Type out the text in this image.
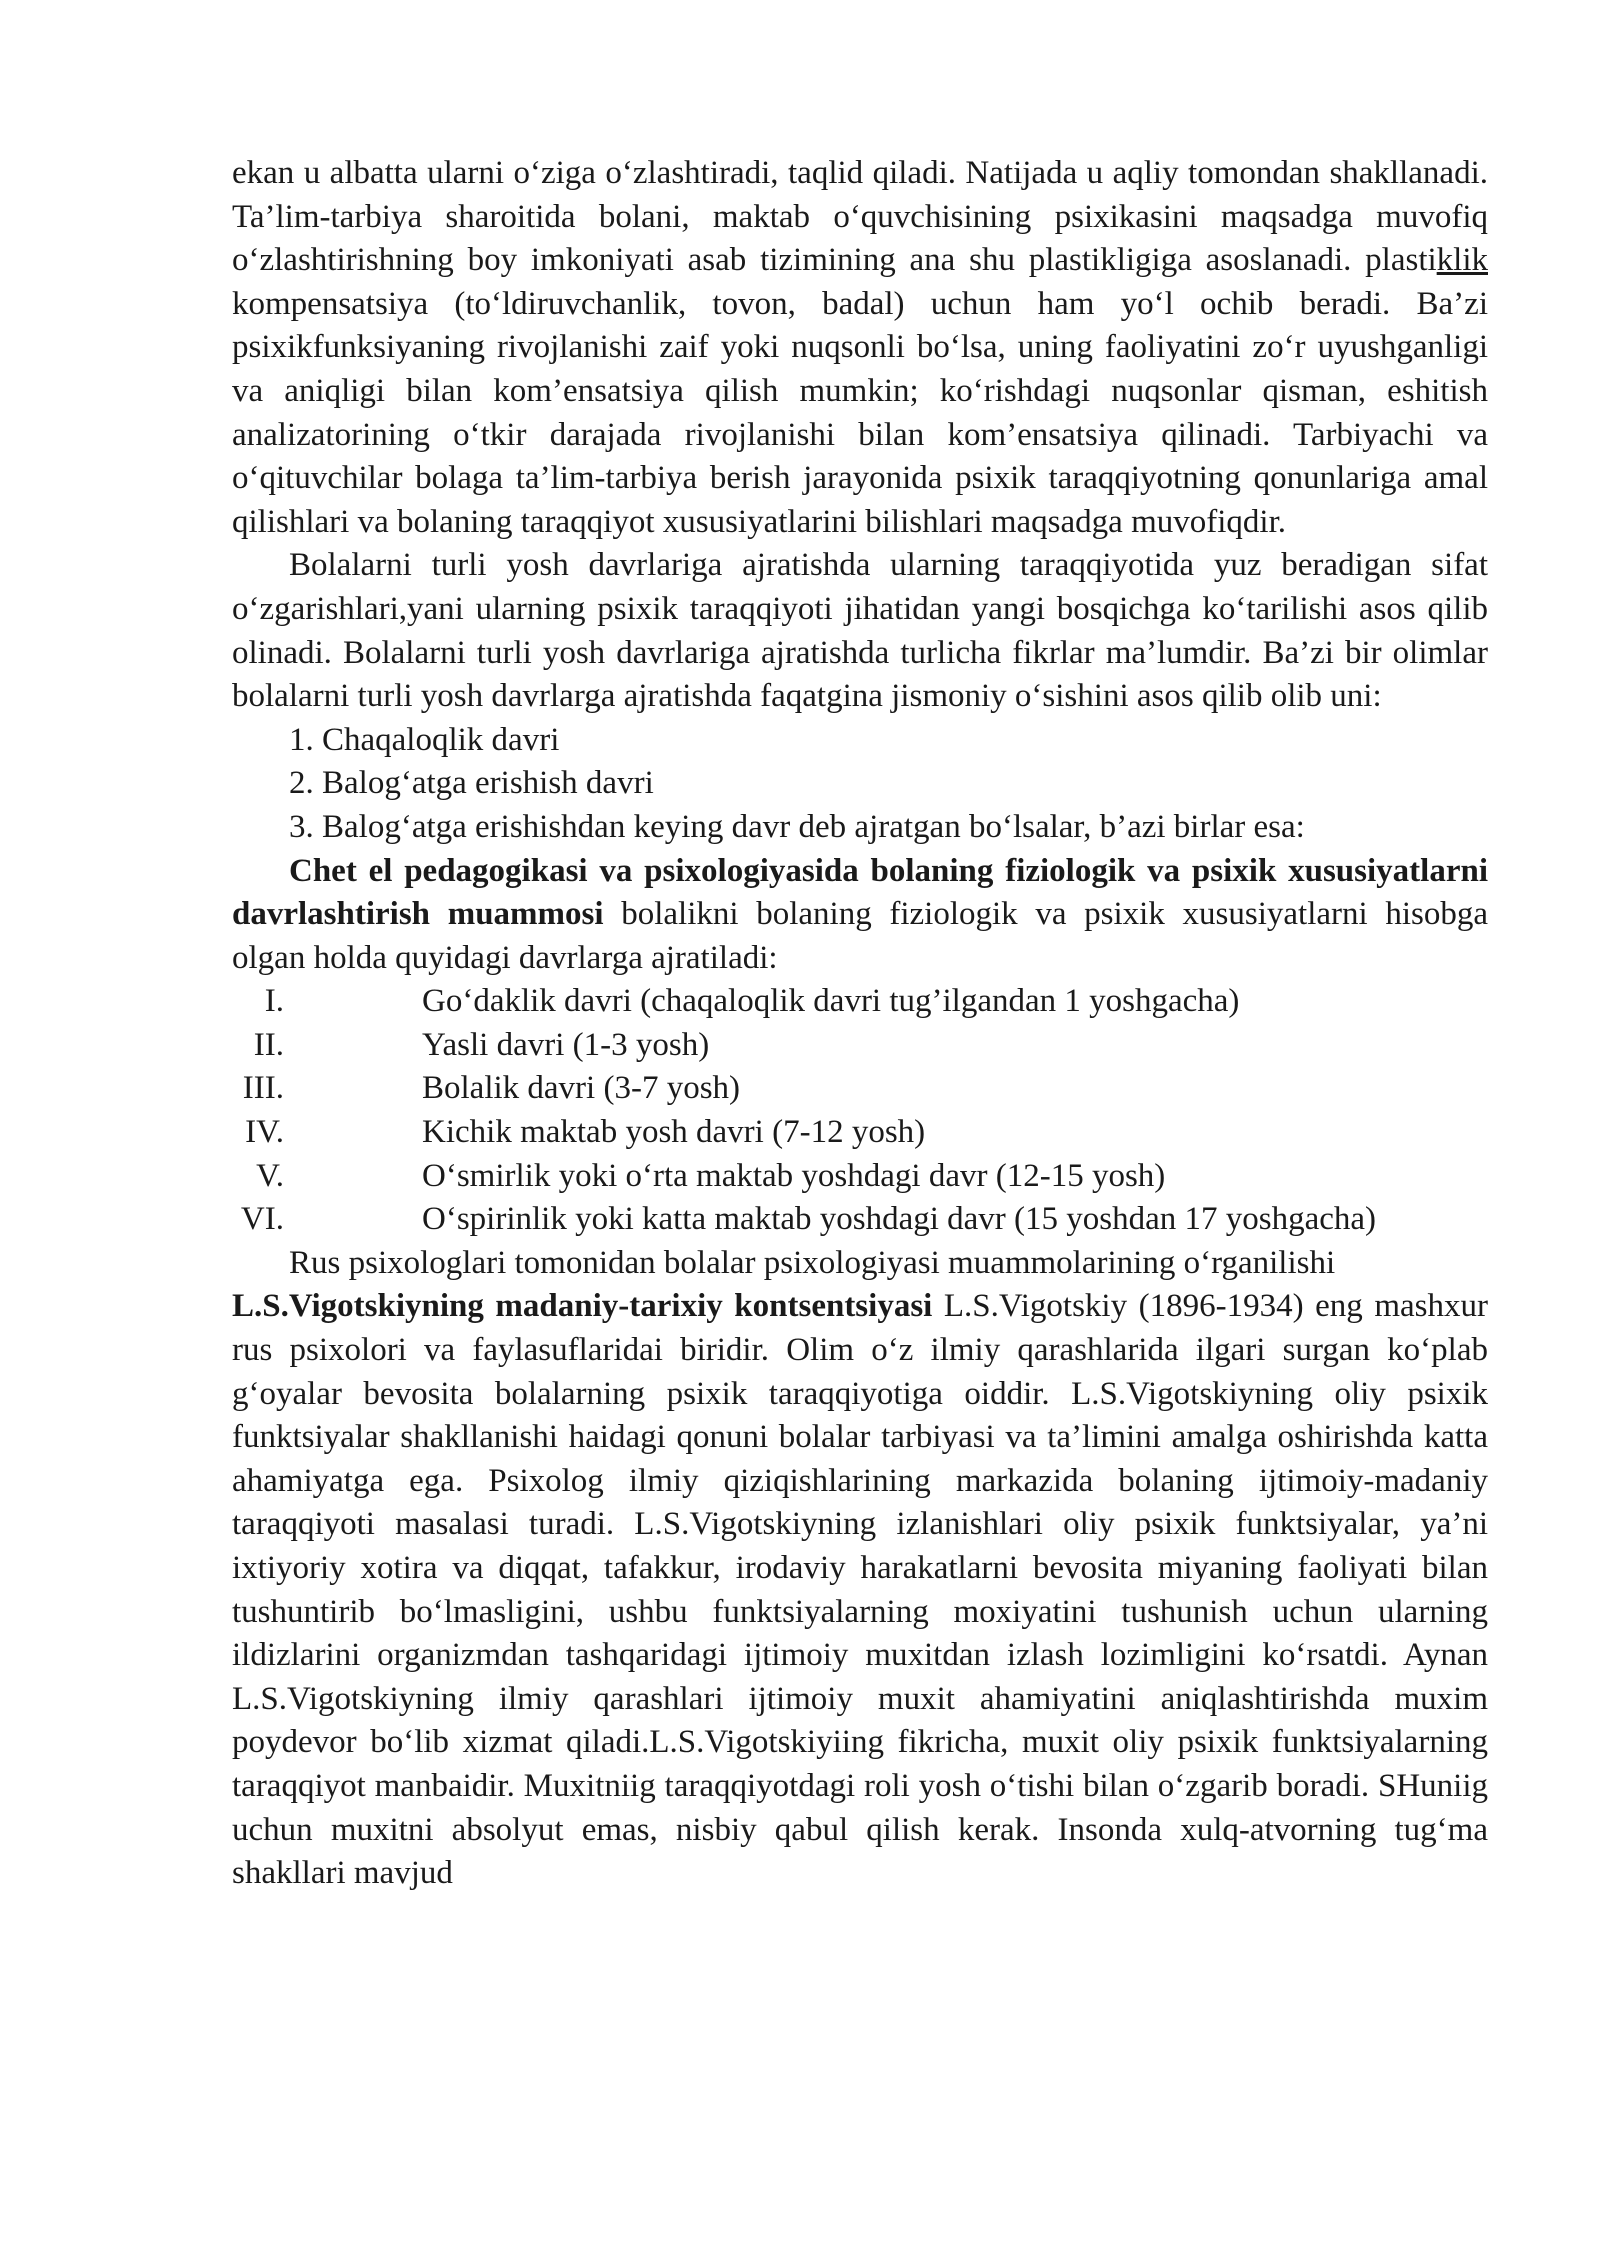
ekan u albatta ularni o‘ziga o‘zlashtiradi, taqlid qiladi. Natijada u aqliy tomondan shakllanadi. Ta’lim-tarbiya sharoitida bolani, maktab o‘quvchisining psixikasini maqsadga muvofiq o‘zlashtirishning boy imkoniyati asab tizimining ana shu plastikligiga asoslanadi. plastiklik kompensatsiya (to‘ldiruvchanlik, tovon, badal) uchun ham yo‘l ochib beradi. Ba’zi psixikfunksiyaning rivojlanishi zaif yoki nuqsonli bo‘lsa, uning faoliyatini zo‘r uyushganligi va aniqligi bilan kom’ensatsiya qilish mumkin; ko‘rishdagi nuqsonlar qisman, eshitish analizatorining o‘tkir darajada rivojlanishi bilan kom’ensatsiya qilinadi. Tarbiyachi va o‘qituvchilar bolaga ta’lim-tarbiya berish jarayonida psixik taraqqiyotning qonunlariga amal qilishlari va bolaning taraqqiyot xususiyatlarini bilishlari maqsadga muvofiqdir.

Bolalarni turli yosh davrlariga ajratishda ularning taraqqiyotida yuz beradigan sifat o‘zgarishlari,yani ularning psixik taraqqiyoti jihatidan yangi bosqichga ko‘tarilishi asos qilib olinadi. Bolalarni turli yosh davrlariga ajratishda turlicha fikrlar ma’lumdir. Ba’zi bir olimlar bolalarni turli yosh davrlarga ajratishda faqatgina jismoniy o‘sishini asos qilib olib uni:

1. Chaqaloqlik davri

2. Balog‘atga erishish davri

3. Balog‘atga erishishdan keying davr deb ajratgan bo‘lsalar, b’azi birlar esa:

Chet el pedagogikasi va psixologiyasida bolaning fiziologik va psixik xususiyatlarni davrlashtirish muammosi bolalikni bolaning fiziologik va psixik xususiyatlarni hisobga olgan holda quyidagi davrlarga ajratiladi:

I.	Go‘daklik davri (chaqaloqlik davri tug’ilgandan 1 yoshgacha)

II.	Yasli davri (1-3 yosh)

III.	Bolalik davri (3-7 yosh)

IV.	Kichik maktab yosh davri (7-12 yosh)

V.	O‘smirlik yoki o‘rta maktab yoshdagi davr (12-15 yosh)

VI.	O‘spirinlik yoki katta maktab yoshdagi davr (15 yoshdan 17 yoshgacha)

Rus psixologlari tomonidan bolalar psixologiyasi muammolarining o‘rganilishi

L.S.Vigotskiyning madaniy-tarixiy kontsentsiyasi L.S.Vigotskiy (1896-1934) eng mashxur rus psixolori va faylasuflaridai biridir. Olim o‘z ilmiy qarashlarida ilgari surgan ko‘plab g‘oyalar bevosita bolalarning psixik taraqqiyotiga oiddir. L.S.Vigotskiyning oliy psixik funktsiyalar shakllanishi haidagi qonuni bolalar tarbiyasi va ta’limini amalga oshirishda katta ahamiyatga ega. Psixolog ilmiy qiziqishlarining markazida bolaning ijtimoiy-madaniy taraqqiyoti masalasi turadi. L.S.Vigotskiyning izlanishlari oliy psixik funktsiyalar, ya’ni ixtiyoriy xotira va diqqat, tafakkur, irodaviy harakatlarni bevosita miyaning faoliyati bilan tushuntirib bo‘lmasligini, ushbu funktsiyalarning moxiyatini tushunish uchun ularning ildizlarini organizmdan tashqaridagi ijtimoiy muxitdan izlash lozimligini ko‘rsatdi. Aynan L.S.Vigotskiyning ilmiy qarashlari ijtimoiy muxit ahamiyatini aniqlashtirishda muxim poydevor bo‘lib xizmat qiladi.L.S.Vigotskiyiing fikricha, muxit oliy psixik funktsiyalarning taraqqiyot manbaidir. Muxitniig taraqqiyotdagi roli yosh o‘tishi bilan o‘zgarib boradi. SHuniig uchun muxitni absolyut emas, nisbiy qabul qilish kerak. Insonda xulq-atvorning tug‘ma shakllari mavjud
